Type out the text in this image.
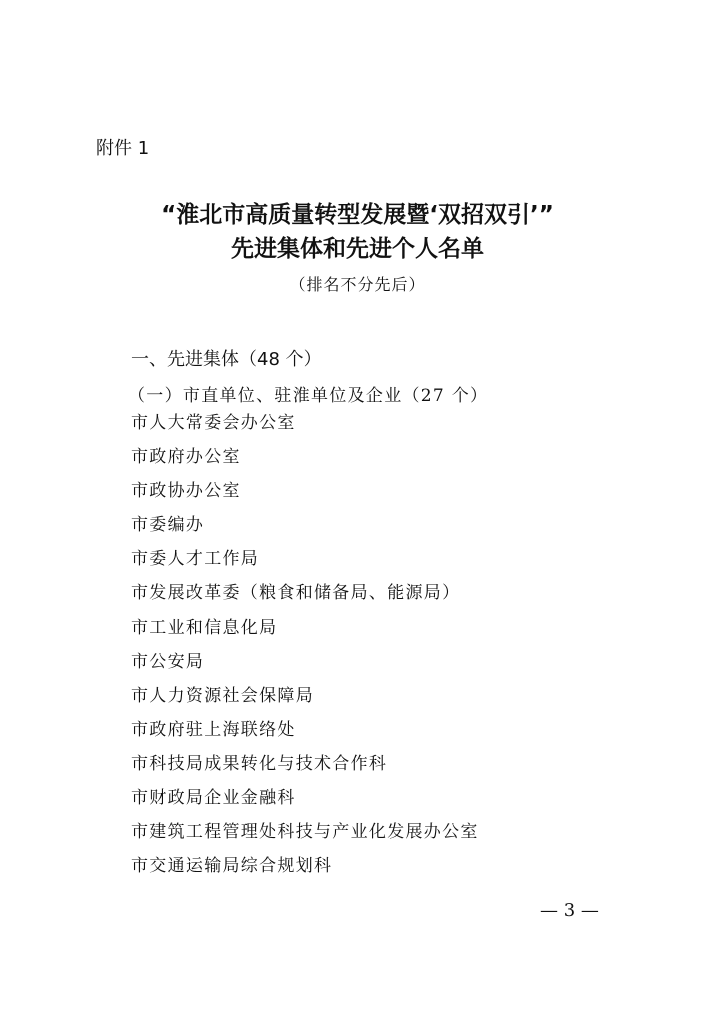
附件 1
“淮北市高质量转型发展暨‘双招双引’”
先进集体和先进个人名单
（排名不分先后）
一、先进集体（48 个）
（一）市直单位、驻淮单位及企业（27 个）
市人大常委会办公室
市政府办公室
市政协办公室
市委编办
市委人才工作局
市发展改革委（粮食和储备局、能源局）
市工业和信息化局
市公安局
市人力资源社会保障局
市政府驻上海联络处
市科技局成果转化与技术合作科
市财政局企业金融科
市建筑工程管理处科技与产业化发展办公室
市交通运输局综合规划科
— 3 —
